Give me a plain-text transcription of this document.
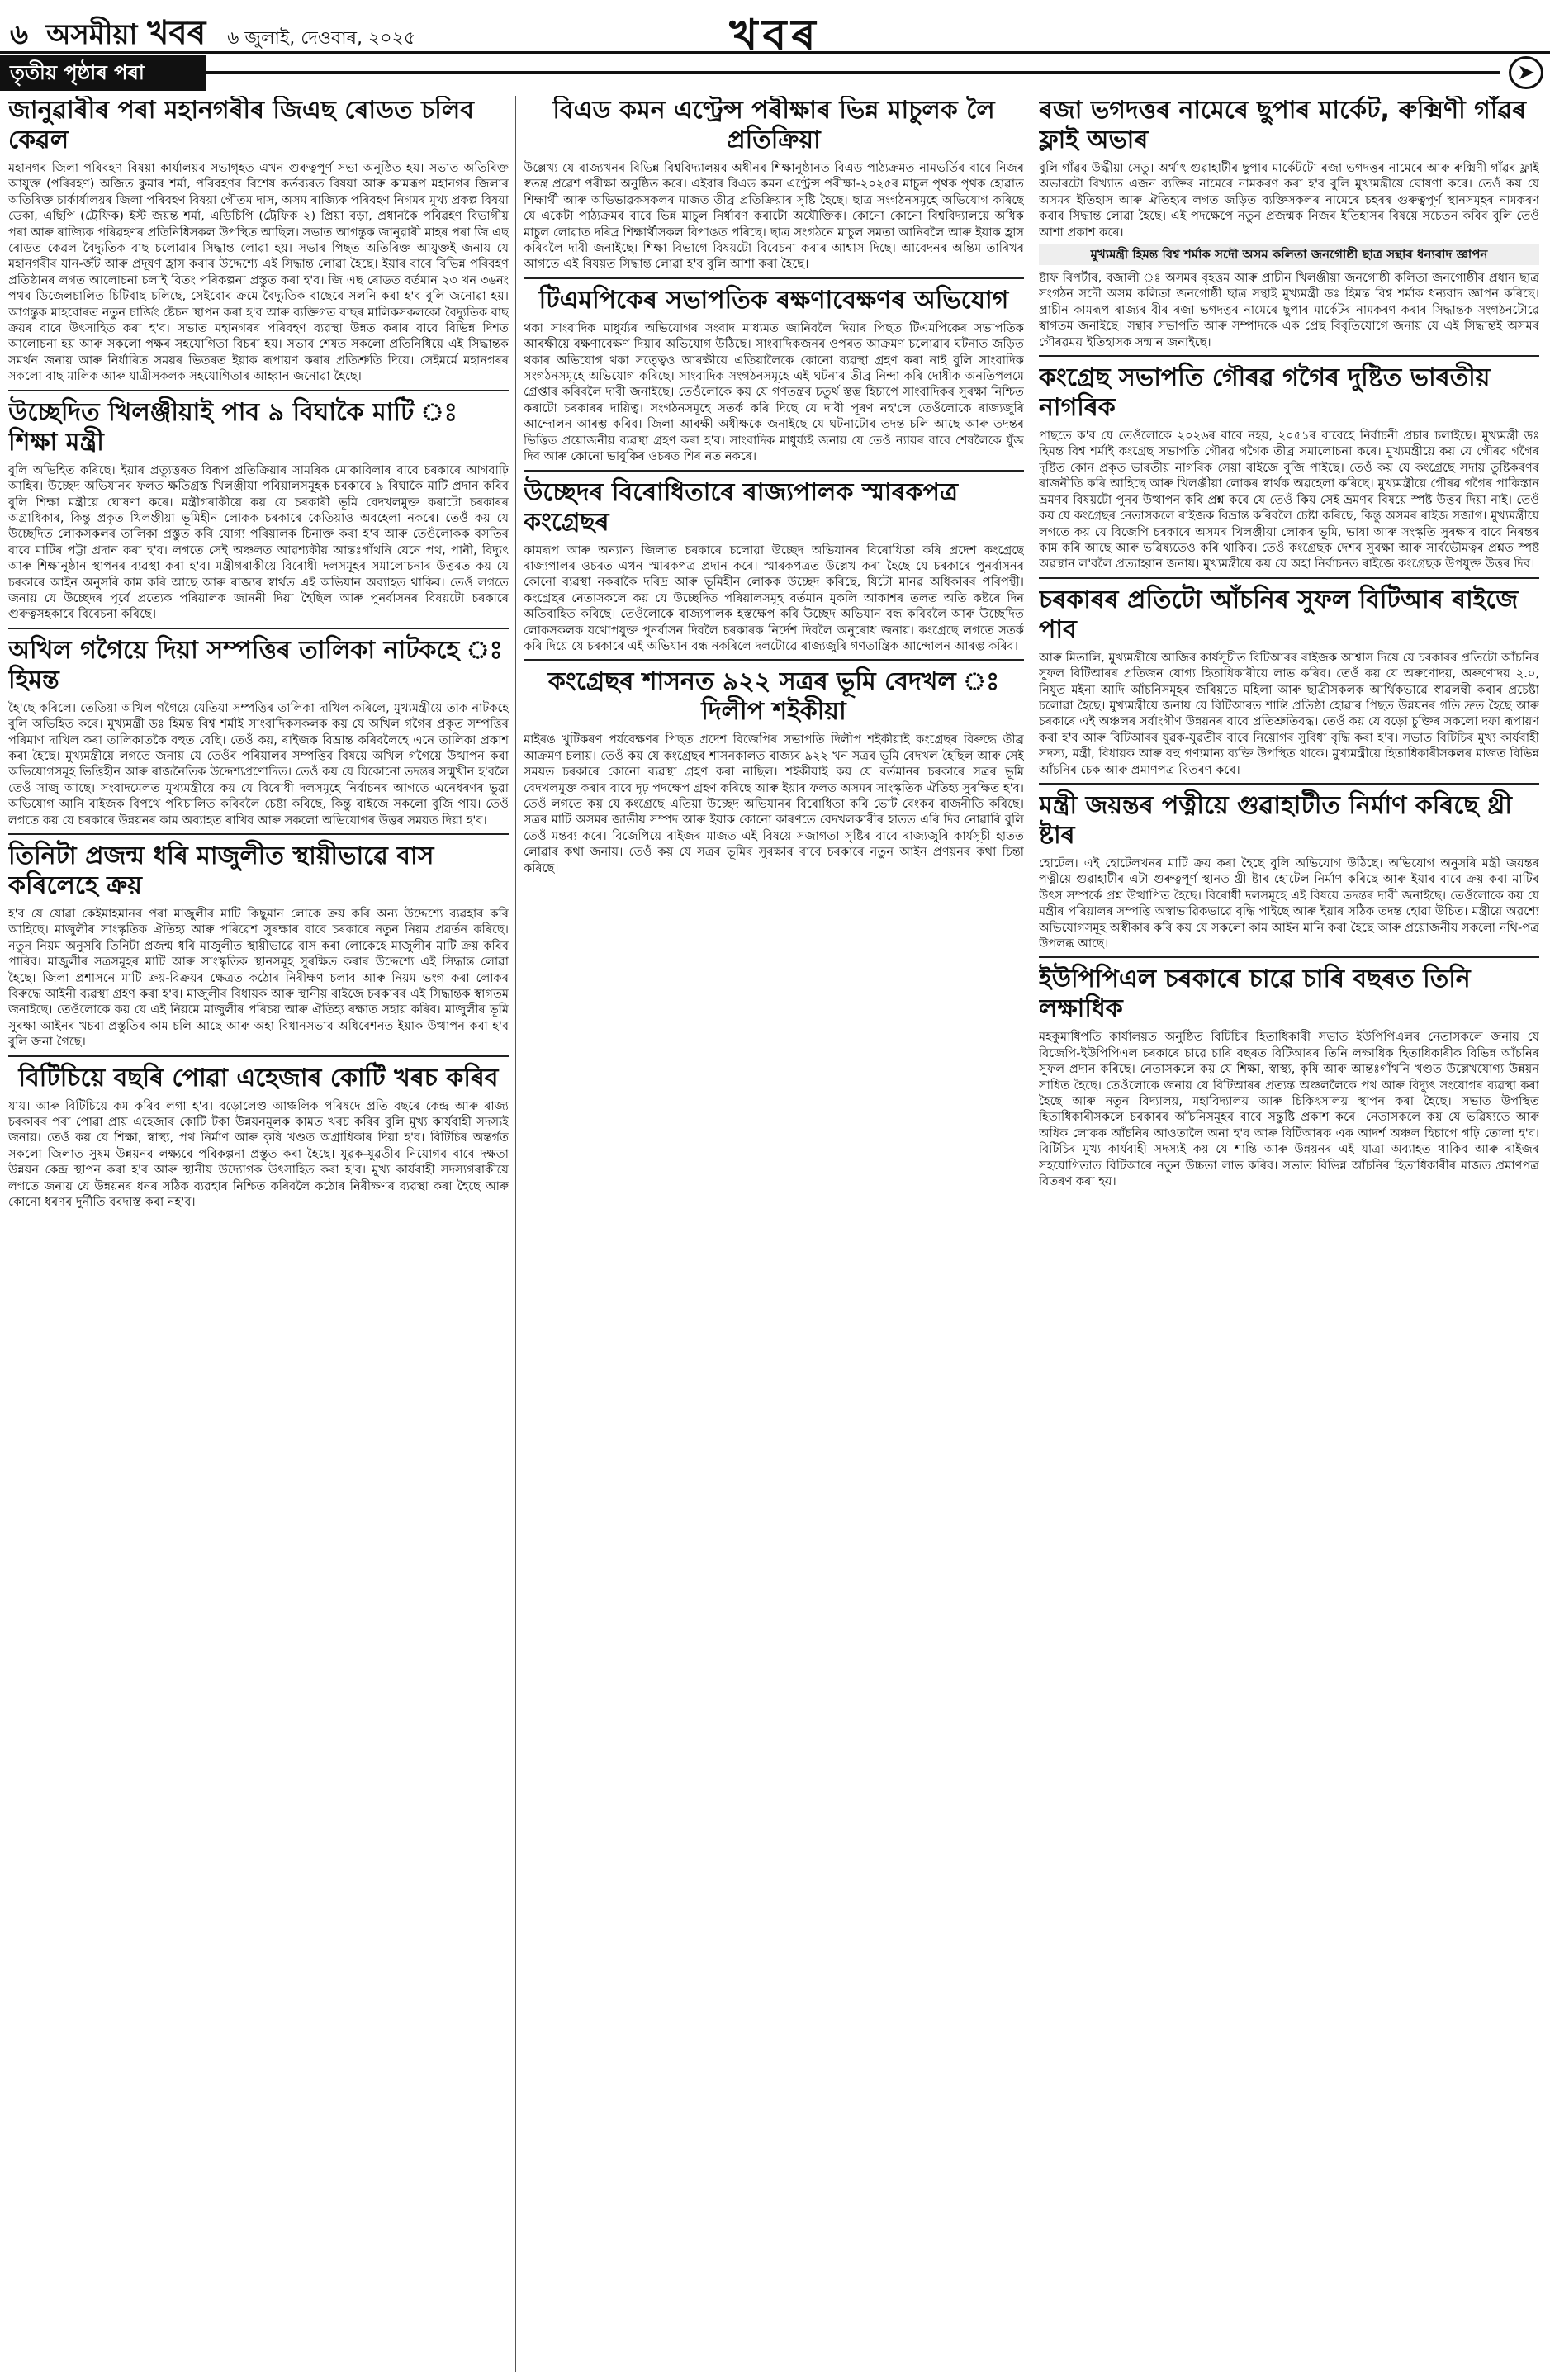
৬ অসমীয়া খবৰ ৬ জুলাই, দেওবাৰ, ২০২৫	খবৰ
তৃতীয় পৃষ্ঠাৰ পৰা	➤
জানুৱাৰীৰ পৰা মহানগৰীৰ জিএছ ৰোডত চলিব কেৱল

মহানগৰ জিলা পৰিবহণ বিষয়া কাৰ্যালয়ৰ সভাগৃহত এখন গুৰুত্বপূৰ্ণ সভা অনুষ্ঠিত হয়। সভাত অতিৰিক্ত আয়ুক্ত (পৰিবহণ) অজিত কুমাৰ শৰ্মা, পৰিবহণৰ বিশেষ কৰ্তব্যৰত বিষয়া আৰু কামৰূপ মহানগৰ জিলাৰ অতিৰিক্ত চাৰ্কাৰ্যালয়ৰ জিলা পৰিবহণ বিষয়া গৌতম দাস, অসম ৰাজ্যিক পৰিবহণ নিগমৰ মুখ্য প্ৰকল্প বিষয়া ডেকা, এছিপি (ট্ৰেফিক) ইস্ট জয়ন্ত শৰ্মা, এডিচিপি (ট্ৰেফিক ২) প্ৰিয়া বড়া, প্ৰধানকৈ পৰিৱহণ বিভাগীয় পৰা আৰু ৰাজ্যিক পৰিৱহণৰ প্ৰতিনিধিসকল উপস্থিত আছিল। সভাত আগন্তুক জানুৱাৰী মাহৰ পৰা জি এছ ৰোডত কেৱল বৈদ্যুতিক বাছ চলোৱাৰ সিদ্ধান্ত লোৱা হয়। সভাৰ পিছত অতিৰিক্ত আয়ুক্তই জনায় যে মহানগৰীৰ যান-জঁট আৰু প্ৰদূষণ হ্ৰাস কৰাৰ উদ্দেশ্যে এই সিদ্ধান্ত লোৱা হৈছে। ইয়াৰ বাবে বিভিন্ন পৰিবহণ প্ৰতিষ্ঠানৰ লগত আলোচনা চলাই বিতং পৰিকল্পনা প্ৰস্তুত কৰা হ'ব। জি এছ ৰোডত বৰ্তমান ২৩ খন ৩৬নং পথৰ ডিজেলচালিত চিটিবাছ চলিছে, সেইবোৰ ক্ৰমে বৈদ্যুতিক বাছেৰে সলনি কৰা হ'ব বুলি জনোৱা হয়। আগন্তুক মাহবোৰত নতুন চাৰ্জিং ষ্টেচন স্থাপন কৰা হ'ব আৰু ব্যক্তিগত বাছৰ মালিকসকলকো বৈদ্যুতিক বাছ ক্ৰয়ৰ বাবে উৎসাহিত কৰা হ'ব। সভাত মহানগৰৰ পৰিবহণ ব্যৱস্থা উন্নত কৰাৰ বাবে বিভিন্ন দিশত আলোচনা হয় আৰু সকলো পক্ষৰ সহযোগিতা বিচৰা হয়। সভাৰ শেষত সকলো প্ৰতিনিধিয়ে এই সিদ্ধান্তক সমৰ্থন জনায় আৰু নিৰ্ধাৰিত সময়ৰ ভিতৰত ইয়াক ৰূপায়ণ কৰাৰ প্ৰতিশ্ৰুতি দিয়ে। সেইমৰ্মে মহানগৰৰ সকলো বাছ মালিক আৰু যাত্ৰীসকলক সহযোগিতাৰ আহ্বান জনোৱা হৈছে।

উচ্ছেদিত খিলঞ্জীয়াই পাব ৯ বিঘাকৈ মাটি ঃ শিক্ষা মন্ত্ৰী

বুলি অভিহিত কৰিছে। ইয়াৰ প্ৰত্যুত্তৰত বিৰূপ প্ৰতিক্ৰিয়াৰ সামৰিক মোকাবিলাৰ বাবে চৰকাৰে আগবাঢ়ি আহিব। উচ্ছেদ অভিযানৰ ফলত ক্ষতিগ্ৰস্ত খিলঞ্জীয়া পৰিয়ালসমূহক চৰকাৰে ৯ বিঘাকৈ মাটি প্ৰদান কৰিব বুলি শিক্ষা মন্ত্ৰীয়ে ঘোষণা কৰে। মন্ত্ৰীগৰাকীয়ে কয় যে চৰকাৰী ভূমি বেদখলমুক্ত কৰাটো চৰকাৰৰ অগ্ৰাধিকাৰ, কিন্তু প্ৰকৃত খিলঞ্জীয়া ভূমিহীন লোকক চৰকাৰে কেতিয়াও অবহেলা নকৰে। তেওঁ কয় যে উচ্ছেদিত লোকসকলৰ তালিকা প্ৰস্তুত কৰি যোগ্য পৰিয়ালক চিনাক্ত কৰা হ'ব আৰু তেওঁলোকক বসতিৰ বাবে মাটিৰ পট্টা প্ৰদান কৰা হ'ব। লগতে সেই অঞ্চলত আৱশ্যকীয় আন্তঃগাঁথনি যেনে পথ, পানী, বিদ্যুৎ আৰু শিক্ষানুষ্ঠান স্থাপনৰ ব্যৱস্থা কৰা হ'ব। মন্ত্ৰীগৰাকীয়ে বিৰোধী দলসমূহৰ সমালোচনাৰ উত্তৰত কয় যে চৰকাৰে আইন অনুসৰি কাম কৰি আছে আৰু ৰাজ্যৰ স্বাৰ্থত এই অভিযান অব্যাহত থাকিব। তেওঁ লগতে জনায় যে উচ্ছেদৰ পূৰ্বে প্ৰত্যেক পৰিয়ালক জাননী দিয়া হৈছিল আৰু পুনৰ্বাসনৰ বিষয়টো চৰকাৰে গুৰুত্বসহকাৰে বিবেচনা কৰিছে।

অখিল গগৈয়ে দিয়া সম্পত্তিৰ তালিকা নাটকহে ঃ হিমন্ত

হৈ'ছে কৰিলে। তেতিয়া অখিল গগৈয়ে যেতিয়া সম্পত্তিৰ তালিকা দাখিল কৰিলে, মুখ্যমন্ত্ৰীয়ে তাক নাটকহে বুলি অভিহিত কৰে। মুখ্যমন্ত্ৰী ডঃ হিমন্ত বিশ্ব শৰ্মাই সাংবাদিকসকলক কয় যে অখিল গগৈৰ প্ৰকৃত সম্পত্তিৰ পৰিমাণ দাখিল কৰা তালিকাতকৈ বহুত বেছি। তেওঁ কয়, ৰাইজক বিভ্ৰান্ত কৰিবলৈহে এনে তালিকা প্ৰকাশ কৰা হৈছে। মুখ্যমন্ত্ৰীয়ে লগতে জনায় যে তেওঁৰ পৰিয়ালৰ সম্পত্তিৰ বিষয়ে অখিল গগৈয়ে উত্থাপন কৰা অভিযোগসমূহ ভিত্তিহীন আৰু ৰাজনৈতিক উদ্দেশ্যপ্ৰণোদিত। তেওঁ কয় যে যিকোনো তদন্তৰ সন্মুখীন হ'বলৈ তেওঁ সাজু আছে। সংবাদমেলত মুখ্যমন্ত্ৰীয়ে কয় যে বিৰোধী দলসমূহে নিৰ্বাচনৰ আগতে এনেধৰণৰ ভুৱা অভিযোগ আনি ৰাইজক বিপথে পৰিচালিত কৰিবলৈ চেষ্টা কৰিছে, কিন্তু ৰাইজে সকলো বুজি পায়। তেওঁ লগতে কয় যে চৰকাৰে উন্নয়নৰ কাম অব্যাহত ৰাখিব আৰু সকলো অভিযোগৰ উত্তৰ সময়ত দিয়া হ'ব।

তিনিটা প্ৰজন্ম ধৰি মাজুলীত স্থায়ীভাৱে বাস কৰিলেহে ক্ৰয়

হ'ব যে যোৱা কেইমাহমানৰ পৰা মাজুলীৰ মাটি কিছুমান লোকে ক্ৰয় কৰি অন্য উদ্দেশ্যে ব্যৱহাৰ কৰি আহিছে। মাজুলীৰ সাংস্কৃতিক ঐতিহ্য আৰু পৰিৱেশ সুৰক্ষাৰ বাবে চৰকাৰে নতুন নিয়ম প্ৰৱৰ্তন কৰিছে। নতুন নিয়ম অনুসৰি তিনিটা প্ৰজন্ম ধৰি মাজুলীত স্থায়ীভাৱে বাস কৰা লোকেহে মাজুলীৰ মাটি ক্ৰয় কৰিব পাৰিব। মাজুলীৰ সত্ৰসমূহৰ মাটি আৰু সাংস্কৃতিক স্থানসমূহ সুৰক্ষিত কৰাৰ উদ্দেশ্যে এই সিদ্ধান্ত লোৱা হৈছে। জিলা প্ৰশাসনে মাটি ক্ৰয়-বিক্ৰয়ৰ ক্ষেত্ৰত কঠোৰ নিৰীক্ষণ চলাব আৰু নিয়ম ভংগ কৰা লোকৰ বিৰুদ্ধে আইনী ব্যৱস্থা গ্ৰহণ কৰা হ'ব। মাজুলীৰ বিধায়ক আৰু স্থানীয় ৰাইজে চৰকাৰৰ এই সিদ্ধান্তক স্বাগতম জনাইছে। তেওঁলোকে কয় যে এই নিয়মে মাজুলীৰ পৰিচয় আৰু ঐতিহ্য ৰক্ষাত সহায় কৰিব। মাজুলীৰ ভূমি সুৰক্ষা আইনৰ খচৰা প্ৰস্তুতিৰ কাম চলি আছে আৰু অহা বিধানসভাৰ অধিবেশনত ইয়াক উত্থাপন কৰা হ'ব বুলি জনা গৈছে।

বিটিচিয়ে বছৰি পোৱা এহেজাৰ কোটি খৰচ কৰিব

যায়। আৰু বিটিচিয়ে কম কৰিব লগা হ'ব। বড়োলেণ্ড আঞ্চলিক পৰিষদে প্ৰতি বছৰে কেন্দ্ৰ আৰু ৰাজ্য চৰকাৰৰ পৰা পোৱা প্ৰায় এহেজাৰ কোটি টকা উন্নয়নমূলক কামত খৰচ কৰিব বুলি মুখ্য কাৰ্যবাহী সদস্যই জনায়। তেওঁ কয় যে শিক্ষা, স্বাস্থ্য, পথ নিৰ্মাণ আৰু কৃষি খণ্ডত অগ্ৰাধিকাৰ দিয়া হ'ব। বিটিচিৰ অন্তৰ্গত সকলো জিলাত সুষম উন্নয়নৰ লক্ষ্যৰে পৰিকল্পনা প্ৰস্তুত কৰা হৈছে। যুৱক-যুৱতীৰ নিয়োগৰ বাবে দক্ষতা উন্নয়ন কেন্দ্ৰ স্থাপন কৰা হ'ব আৰু স্থানীয় উদ্যোগক উৎসাহিত কৰা হ'ব। মুখ্য কাৰ্যবাহী সদস্যগৰাকীয়ে লগতে জনায় যে উন্নয়নৰ ধনৰ সঠিক ব্যৱহাৰ নিশ্চিত কৰিবলৈ কঠোৰ নিৰীক্ষণৰ ব্যৱস্থা কৰা হৈছে আৰু কোনো ধৰণৰ দুৰ্নীতি বৰদাস্ত কৰা নহ'ব।

বিএড কমন এণ্ট্ৰেন্স পৰীক্ষাৰ ভিন্ন মাচুলক লৈ প্ৰতিক্ৰিয়া

উল্লেখ্য যে ৰাজ্যখনৰ বিভিন্ন বিশ্ববিদ্যালয়ৰ অধীনৰ শিক্ষানুষ্ঠানত বিএড পাঠ্যক্ৰমত নামভৰ্তিৰ বাবে নিজৰ স্বতন্ত্ৰ প্ৰৱেশ পৰীক্ষা অনুষ্ঠিত কৰে। এইবাৰ বিএড কমন এণ্ট্ৰেন্স পৰীক্ষা-২০২৫ৰ মাচুল পৃথক পৃথক হোৱাত শিক্ষাৰ্থী আৰু অভিভাৱকসকলৰ মাজত তীব্ৰ প্ৰতিক্ৰিয়াৰ সৃষ্টি হৈছে। ছাত্ৰ সংগঠনসমূহে অভিযোগ কৰিছে যে একেটা পাঠ্যক্ৰমৰ বাবে ভিন্ন মাচুল নিৰ্ধাৰণ কৰাটো অযৌক্তিক। কোনো কোনো বিশ্ববিদ্যালয়ে অধিক মাচুল লোৱাত দৰিদ্ৰ শিক্ষাৰ্থীসকল বিপাঙত পৰিছে। ছাত্ৰ সংগঠনে মাচুল সমতা আনিবলৈ আৰু ইয়াক হ্ৰাস কৰিবলৈ দাবী জনাইছে। শিক্ষা বিভাগে বিষয়টো বিবেচনা কৰাৰ আশ্বাস দিছে। আবেদনৰ অন্তিম তাৰিখৰ আগতে এই বিষয়ত সিদ্ধান্ত লোৱা হ'ব বুলি আশা কৰা হৈছে।

টিএমপিকেৰ সভাপতিক ৰক্ষণাবেক্ষণৰ অভিযোগ

থকা সাংবাদিক মাধুৰ্য্যৰ অভিযোগৰ সংবাদ মাধ্যমত জানিবলৈ দিয়াৰ পিছত টিএমপিকেৰ সভাপতিক আৰক্ষীয়ে ৰক্ষণাবেক্ষণ দিয়াৰ অভিযোগ উঠিছে। সাংবাদিকজনৰ ওপৰত আক্ৰমণ চলোৱাৰ ঘটনাত জড়িত থকাৰ অভিযোগ থকা সত্ত্বেও আৰক্ষীয়ে এতিয়ালৈকে কোনো ব্যৱস্থা গ্ৰহণ কৰা নাই বুলি সাংবাদিক সংগঠনসমূহে অভিযোগ কৰিছে। সাংবাদিক সংগঠনসমূহে এই ঘটনাৰ তীব্ৰ নিন্দা কৰি দোষীক অনতিপলমে গ্ৰেপ্তাৰ কৰিবলৈ দাবী জনাইছে। তেওঁলোকে কয় যে গণতন্ত্ৰৰ চতুৰ্থ স্তম্ভ হিচাপে সাংবাদিকৰ সুৰক্ষা নিশ্চিত কৰাটো চৰকাৰৰ দায়িত্ব। সংগঠনসমূহে সতৰ্ক কৰি দিছে যে দাবী পূৰণ নহ'লে তেওঁলোকে ৰাজ্যজুৰি আন্দোলন আৰম্ভ কৰিব। জিলা আৰক্ষী অধীক্ষকে জনাইছে যে ঘটনাটোৰ তদন্ত চলি আছে আৰু তদন্তৰ ভিত্তিত প্ৰয়োজনীয় ব্যৱস্থা গ্ৰহণ কৰা হ'ব। সাংবাদিক মাধুৰ্য্যই জনায় যে তেওঁ ন্যায়ৰ বাবে শেষলৈকে যুঁজ দিব আৰু কোনো ভাবুকিৰ ওচৰত শিৰ নত নকৰে।

উচ্ছেদৰ বিৰোধিতাৰে ৰাজ্যপালক স্মাৰকপত্ৰ কংগ্ৰেছৰ

কামৰূপ আৰু অন্যান্য জিলাত চৰকাৰে চলোৱা উচ্ছেদ অভিযানৰ বিৰোধিতা কৰি প্ৰদেশ কংগ্ৰেছে ৰাজ্যপালৰ ওচৰত এখন স্মাৰকপত্ৰ প্ৰদান কৰে। স্মাৰকপত্ৰত উল্লেখ কৰা হৈছে যে চৰকাৰে পুনৰ্বাসনৰ কোনো ব্যৱস্থা নকৰাকৈ দৰিদ্ৰ আৰু ভূমিহীন লোকক উচ্ছেদ কৰিছে, যিটো মানৱ অধিকাৰৰ পৰিপন্থী। কংগ্ৰেছৰ নেতাসকলে কয় যে উচ্ছেদিত পৰিয়ালসমূহ বৰ্তমান মুকলি আকাশৰ তলত অতি কষ্টৰে দিন অতিবাহিত কৰিছে। তেওঁলোকে ৰাজ্যপালক হস্তক্ষেপ কৰি উচ্ছেদ অভিযান বন্ধ কৰিবলৈ আৰু উচ্ছেদিত লোকসকলক যথোপযুক্ত পুনৰ্বাসন দিবলৈ চৰকাৰক নিৰ্দেশ দিবলৈ অনুৰোধ জনায়। কংগ্ৰেছে লগতে সতৰ্ক কৰি দিয়ে যে চৰকাৰে এই অভিযান বন্ধ নকৰিলে দলটোৱে ৰাজ্যজুৰি গণতান্ত্ৰিক আন্দোলন আৰম্ভ কৰিব।

কংগ্ৰেছৰ শাসনত ৯২২ সত্ৰৰ ভূমি বেদখল ঃ দিলীপ শইকীয়া

মাইৰঙ খুটিকৰণ পৰ্যবেক্ষণৰ পিছত প্ৰদেশ বিজেপিৰ সভাপতি দিলীপ শইকীয়াই কংগ্ৰেছৰ বিৰুদ্ধে তীব্ৰ আক্ৰমণ চলায়। তেওঁ কয় যে কংগ্ৰেছৰ শাসনকালত ৰাজ্যৰ ৯২২ খন সত্ৰৰ ভূমি বেদখল হৈছিল আৰু সেই সময়ত চৰকাৰে কোনো ব্যৱস্থা গ্ৰহণ কৰা নাছিল। শইকীয়াই কয় যে বৰ্তমানৰ চৰকাৰে সত্ৰৰ ভূমি বেদখলমুক্ত কৰাৰ বাবে দৃঢ় পদক্ষেপ গ্ৰহণ কৰিছে আৰু ইয়াৰ ফলত অসমৰ সাংস্কৃতিক ঐতিহ্য সুৰক্ষিত হ'ব। তেওঁ লগতে কয় যে কংগ্ৰেছে এতিয়া উচ্ছেদ অভিযানৰ বিৰোধিতা কৰি ভোট বেংকৰ ৰাজনীতি কৰিছে। সত্ৰৰ মাটি অসমৰ জাতীয় সম্পদ আৰু ইয়াক কোনো কাৰণতে বেদখলকাৰীৰ হাতত এৰি দিব নোৱাৰি বুলি তেওঁ মন্তব্য কৰে। বিজেপিয়ে ৰাইজৰ মাজত এই বিষয়ে সজাগতা সৃষ্টিৰ বাবে ৰাজ্যজুৰি কাৰ্যসূচী হাতত লোৱাৰ কথা জনায়। তেওঁ কয় যে সত্ৰৰ ভূমিৰ সুৰক্ষাৰ বাবে চৰকাৰে নতুন আইন প্ৰণয়নৰ কথা চিন্তা কৰিছে।

ৰজা ভগদত্তৰ নামেৰে ছুপাৰ মাৰ্কেট, ৰুক্মিণী গাঁৱৰ ফ্লাই অভাৰ

বুলি গাঁৱৰ উৰ্দ্ধীয়া সেতু। অৰ্থাৎ গুৱাহাটীৰ ছুপাৰ মাৰ্কেটটো ৰজা ভগদত্তৰ নামেৰে আৰু ৰুক্মিণী গাঁৱৰ ফ্লাই অভাৰটো বিখ্যাত এজন ব্যক্তিৰ নামেৰে নামকৰণ কৰা হ'ব বুলি মুখ্যমন্ত্ৰীয়ে ঘোষণা কৰে। তেওঁ কয় যে অসমৰ ইতিহাস আৰু ঐতিহ্যৰ লগত জড়িত ব্যক্তিসকলৰ নামেৰে চহৰৰ গুৰুত্বপূৰ্ণ স্থানসমূহৰ নামকৰণ কৰাৰ সিদ্ধান্ত লোৱা হৈছে। এই পদক্ষেপে নতুন প্ৰজন্মক নিজৰ ইতিহাসৰ বিষয়ে সচেতন কৰিব বুলি তেওঁ আশা প্ৰকাশ কৰে।

মুখ্যমন্ত্ৰী হিমন্ত বিশ্ব শৰ্মাক সদৌ অসম কলিতা জনগোষ্ঠী ছাত্ৰ সন্থাৰ ধন্যবাদ জ্ঞাপন

ষ্টাফ ৰিপৰ্টাৰ, বজালী ঃ অসমৰ বৃহত্তম আৰু প্ৰাচীন খিলঞ্জীয়া জনগোষ্ঠী কলিতা জনগোষ্ঠীৰ প্ৰধান ছাত্ৰ সংগঠন সদৌ অসম কলিতা জনগোষ্ঠী ছাত্ৰ সন্থাই মুখ্যমন্ত্ৰী ডঃ হিমন্ত বিশ্ব শৰ্মাক ধন্যবাদ জ্ঞাপন কৰিছে। প্ৰাচীন কামৰূপ ৰাজ্যৰ বীৰ ৰজা ভগদত্তৰ নামেৰে ছুপাৰ মাৰ্কেটৰ নামকৰণ কৰাৰ সিদ্ধান্তক সংগঠনটোৱে স্বাগতম জনাইছে। সন্থাৰ সভাপতি আৰু সম্পাদকে এক প্ৰেছ বিবৃতিযোগে জনায় যে এই সিদ্ধান্তই অসমৰ গৌৰৱময় ইতিহাসক সন্মান জনাইছে।

কংগ্ৰেছ সভাপতি গৌৰৱ গগৈৰ দুষ্টিত ভাৰতীয় নাগৰিক

পাছতে ক'ব যে তেওঁলোকে ২০২৬ৰ বাবে নহয়, ২০৫১ৰ বাবেহে নিৰ্বাচনী প্ৰচাৰ চলাইছে। মুখ্যমন্ত্ৰী ডঃ হিমন্ত বিশ্ব শৰ্মাই কংগ্ৰেছ সভাপতি গৌৰৱ গগৈক তীব্ৰ সমালোচনা কৰে। মুখ্যমন্ত্ৰীয়ে কয় যে গৌৰৱ গগৈৰ দৃষ্টিত কোন প্ৰকৃত ভাৰতীয় নাগৰিক সেয়া ৰাইজে বুজি পাইছে। তেওঁ কয় যে কংগ্ৰেছে সদায় তুষ্টিকৰণৰ ৰাজনীতি কৰি আহিছে আৰু খিলঞ্জীয়া লোকৰ স্বাৰ্থক অৱহেলা কৰিছে। মুখ্যমন্ত্ৰীয়ে গৌৰৱ গগৈৰ পাকিস্তান ভ্ৰমণৰ বিষয়টো পুনৰ উত্থাপন কৰি প্ৰশ্ন কৰে যে তেওঁ কিয় সেই ভ্ৰমণৰ বিষয়ে স্পষ্ট উত্তৰ দিয়া নাই। তেওঁ কয় যে কংগ্ৰেছৰ নেতাসকলে ৰাইজক বিভ্ৰান্ত কৰিবলৈ চেষ্টা কৰিছে, কিন্তু অসমৰ ৰাইজ সজাগ। মুখ্যমন্ত্ৰীয়ে লগতে কয় যে বিজেপি চৰকাৰে অসমৰ খিলঞ্জীয়া লোকৰ ভূমি, ভাষা আৰু সংস্কৃতি সুৰক্ষাৰ বাবে নিৰন্তৰ কাম কৰি আছে আৰু ভৱিষ্যতেও কৰি থাকিব। তেওঁ কংগ্ৰেছক দেশৰ সুৰক্ষা আৰু সাৰ্বভৌমত্বৰ প্ৰশ্নত স্পষ্ট অৱস্থান ল'বলৈ প্ৰত্যাহ্বান জনায়। মুখ্যমন্ত্ৰীয়ে কয় যে অহা নিৰ্বাচনত ৰাইজে কংগ্ৰেছক উপযুক্ত উত্তৰ দিব।

চৰকাৰৰ প্ৰতিটো আঁচনিৰ সুফল বিটিআৰ ৰাইজে পাব

আৰু মিতালি, মুখ্যমন্ত্ৰীয়ে আজিৰ কাৰ্যসূচীত বিটিআৰৰ ৰাইজক আশ্বাস দিয়ে যে চৰকাৰৰ প্ৰতিটো আঁচনিৰ সুফল বিটিআৰৰ প্ৰতিজন যোগ্য হিতাধিকাৰীয়ে লাভ কৰিব। তেওঁ কয় যে অৰুণোদয়, অৰুণোদয় ২.০, নিযুত মইনা আদি আঁচনিসমূহৰ জৰিয়তে মহিলা আৰু ছাত্ৰীসকলক আৰ্থিকভাৱে স্বাৱলম্বী কৰাৰ প্ৰচেষ্টা চলোৱা হৈছে। মুখ্যমন্ত্ৰীয়ে জনায় যে বিটিআৰত শান্তি প্ৰতিষ্ঠা হোৱাৰ পিছত উন্নয়নৰ গতি দ্ৰুত হৈছে আৰু চৰকাৰে এই অঞ্চলৰ সৰ্বাংগীণ উন্নয়নৰ বাবে প্ৰতিশ্ৰুতিবদ্ধ। তেওঁ কয় যে বড়ো চুক্তিৰ সকলো দফা ৰূপায়ণ কৰা হ'ব আৰু বিটিআৰৰ যুৱক-যুৱতীৰ বাবে নিয়োগৰ সুবিধা বৃদ্ধি কৰা হ'ব। সভাত বিটিচিৰ মুখ্য কাৰ্যবাহী সদস্য, মন্ত্ৰী, বিধায়ক আৰু বহু গণ্যমান্য ব্যক্তি উপস্থিত থাকে। মুখ্যমন্ত্ৰীয়ে হিতাধিকাৰীসকলৰ মাজত বিভিন্ন আঁচনিৰ চেক আৰু প্ৰমাণপত্ৰ বিতৰণ কৰে।

মন্ত্ৰী জয়ন্তৰ পত্নীয়ে গুৱাহাটীত নিৰ্মাণ কৰিছে থ্ৰী ষ্টাৰ

হোটেল। এই হোটেলখনৰ মাটি ক্ৰয় কৰা হৈছে বুলি অভিযোগ উঠিছে। অভিযোগ অনুসৰি মন্ত্ৰী জয়ন্তৰ পত্নীয়ে গুৱাহাটীৰ এটা গুৰুত্বপূৰ্ণ স্থানত থ্ৰী ষ্টাৰ হোটেল নিৰ্মাণ কৰিছে আৰু ইয়াৰ বাবে ক্ৰয় কৰা মাটিৰ উৎস সম্পৰ্কে প্ৰশ্ন উত্থাপিত হৈছে। বিৰোধী দলসমূহে এই বিষয়ে তদন্তৰ দাবী জনাইছে। তেওঁলোকে কয় যে মন্ত্ৰীৰ পৰিয়ালৰ সম্পত্তি অস্বাভাৱিকভাৱে বৃদ্ধি পাইছে আৰু ইয়াৰ সঠিক তদন্ত হোৱা উচিত। মন্ত্ৰীয়ে অৱশ্যে অভিযোগসমূহ অস্বীকাৰ কৰি কয় যে সকলো কাম আইন মানি কৰা হৈছে আৰু প্ৰয়োজনীয় সকলো নথি-পত্ৰ উপলব্ধ আছে।

ইউপিপিএল চৰকাৰে চাৱে চাৰি বছৰত তিনি লক্ষাধিক

মহকুমাধিপতি কাৰ্যালয়ত অনুষ্ঠিত বিটিচিৰ হিতাধিকাৰী সভাত ইউপিপিএলৰ নেতাসকলে জনায় যে বিজেপি-ইউপিপিএল চৰকাৰে চাৱে চাৰি বছৰত বিটিআৰৰ তিনি লক্ষাধিক হিতাধিকাৰীক বিভিন্ন আঁচনিৰ সুফল প্ৰদান কৰিছে। নেতাসকলে কয় যে শিক্ষা, স্বাস্থ্য, কৃষি আৰু আন্তঃগাঁথনি খণ্ডত উল্লেখযোগ্য উন্নয়ন সাধিত হৈছে। তেওঁলোকে জনায় যে বিটিআৰৰ প্ৰত্যন্ত অঞ্চললৈকে পথ আৰু বিদ্যুৎ সংযোগৰ ব্যৱস্থা কৰা হৈছে আৰু নতুন বিদ্যালয়, মহাবিদ্যালয় আৰু চিকিৎসালয় স্থাপন কৰা হৈছে। সভাত উপস্থিত হিতাধিকাৰীসকলে চৰকাৰৰ আঁচনিসমূহৰ বাবে সন্তুষ্টি প্ৰকাশ কৰে। নেতাসকলে কয় যে ভৱিষ্যতে আৰু অধিক লোকক আঁচনিৰ আওতালৈ অনা হ'ব আৰু বিটিআৰক এক আদৰ্শ অঞ্চল হিচাপে গঢ়ি তোলা হ'ব। বিটিচিৰ মুখ্য কাৰ্যবাহী সদস্যই কয় যে শান্তি আৰু উন্নয়নৰ এই যাত্ৰা অব্যাহত থাকিব আৰু ৰাইজৰ সহযোগিতাত বিটিআৰে নতুন উচ্চতা লাভ কৰিব। সভাত বিভিন্ন আঁচনিৰ হিতাধিকাৰীৰ মাজত প্ৰমাণপত্ৰ বিতৰণ কৰা হয়।
